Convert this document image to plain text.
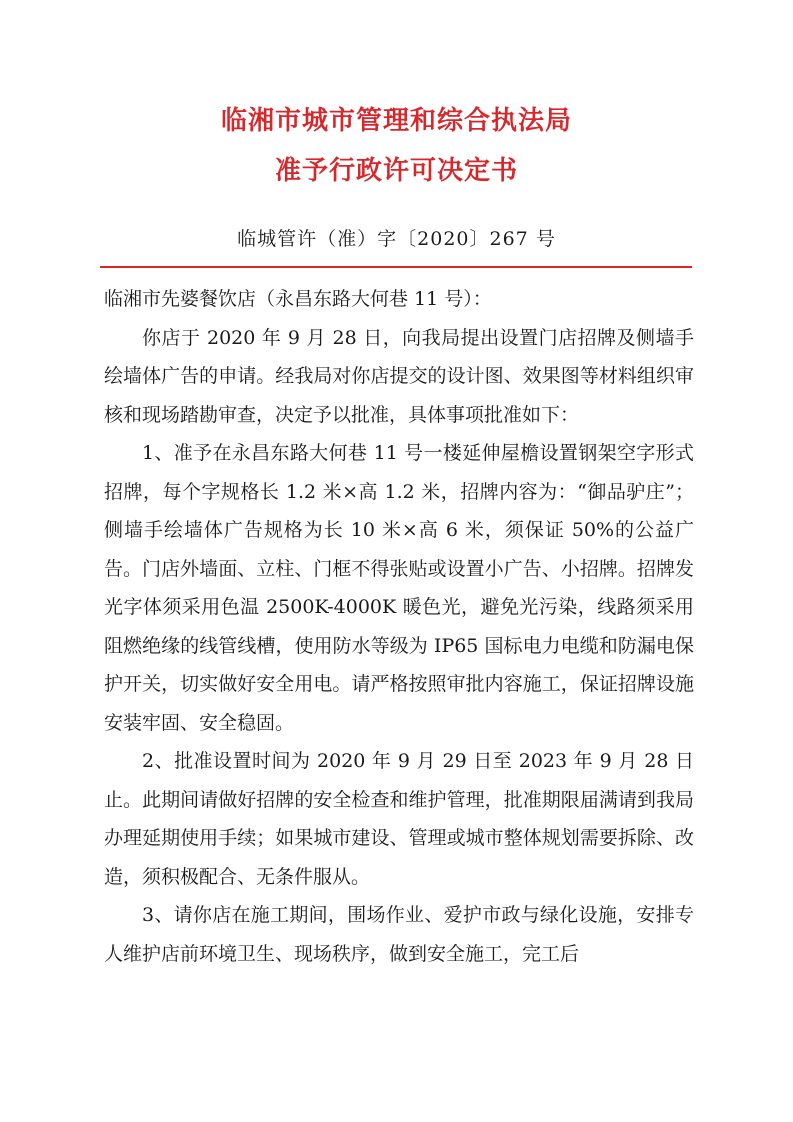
临湘市城市管理和综合执法局
准予行政许可决定书
临城管许（准）字〔2020〕267 号

临湘市先婆餐饮店（永昌东路大何巷 11 号）：

你店于 2020 年 9 月 28 日，向我局提出设置门店招牌及侧墙手绘墙体广告的申请。经我局对你店提交的设计图、效果图等材料组织审核和现场踏勘审查，决定予以批准，具体事项批准如下：

1、准予在永昌东路大何巷 11 号一楼延伸屋檐设置钢架空字形式招牌，每个字规格长 1.2 米×高 1.2 米，招牌内容为：“御品驴庄”；侧墙手绘墙体广告规格为长 10 米×高 6 米，须保证 50%的公益广告。门店外墙面、立柱、门框不得张贴或设置小广告、小招牌。招牌发光字体须采用色温 2500K-4000K 暖色光，避免光污染，线路须采用阻燃绝缘的线管线槽，使用防水等级为 IP65 国标电力电缆和防漏电保护开关，切实做好安全用电。请严格按照审批内容施工，保证招牌设施安装牢固、安全稳固。

2、批准设置时间为 2020 年 9 月 29 日至 2023 年 9 月 28 日止。此期间请做好招牌的安全检查和维护管理，批准期限届满请到我局办理延期使用手续；如果城市建设、管理或城市整体规划需要拆除、改造，须积极配合、无条件服从。

3、请你店在施工期间，围场作业、爱护市政与绿化设施，安排专人维护店前环境卫生、现场秩序，做到安全施工，完工后
